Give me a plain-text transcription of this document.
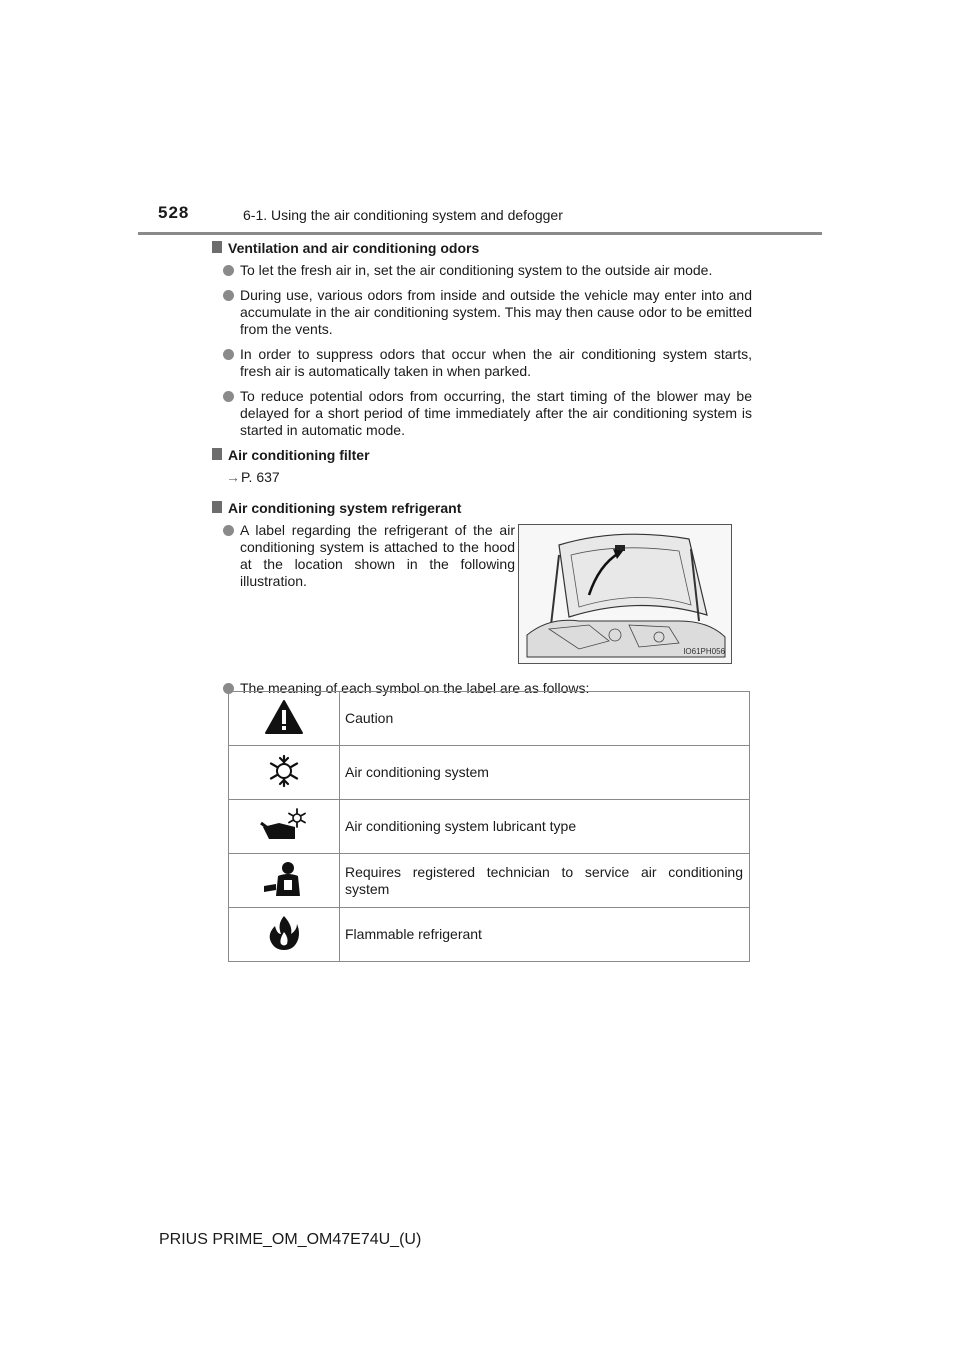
528	6-1. Using the air conditioning system and defogger
Ventilation and air conditioning odors
To let the fresh air in, set the air conditioning system to the outside air mode.
During use, various odors from inside and outside the vehicle may enter into and accumulate in the air conditioning system. This may then cause odor to be emitted from the vents.
In order to suppress odors that occur when the air conditioning system starts, fresh air is automatically taken in when parked.
To reduce potential odors from occurring, the start timing of the blower may be delayed for a short period of time immediately after the air conditioning system is started in automatic mode.
Air conditioning filter
→P. 637
Air conditioning system refrigerant
A label regarding the refrigerant of the air conditioning system is attached to the hood at the location shown in the following illustration.
IO61PH056
The meaning of each symbol on the label are as follows:
	Caution
	Air conditioning system
	Air conditioning system lubricant type
	Requires registered technician to service air conditioning system
	Flammable refrigerant
PRIUS PRIME_OM_OM47E74U_(U)
